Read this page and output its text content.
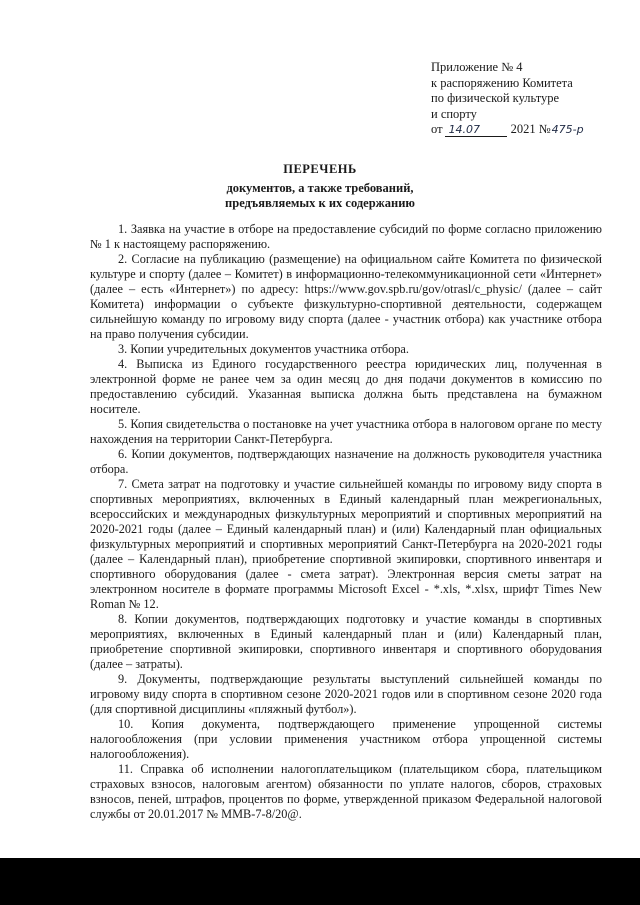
Приложение № 4
к распоряжению Комитета
по физической культуре
и спорту
от 14.07 2021 №475-р
ПЕРЕЧЕНЬ
документов, а также требований,
предъявляемых к их содержанию

1. Заявка на участие в отборе на предоставление субсидий по форме согласно приложению № 1 к настоящему распоряжению.

2. Согласие на публикацию (размещение) на официальном сайте Комитета по физической культуре и спорту (далее – Комитет) в информационно-телекоммуникационной сети «Интернет» (далее – есть «Интернет») по адресу: https://www.gov.spb.ru/gov/otrasl/c_physic/ (далее – сайт Комитета) информации о субъекте физкультурно-спортивной деятельности, содержащем сильнейшую команду по игровому виду спорта (далее - участник отбора) как участнике отбора на право получения субсидии.

3. Копии учредительных документов участника отбора.

4. Выписка из Единого государственного реестра юридических лиц, полученная в электронной форме не ранее чем за один месяц до дня подачи документов в комиссию по предоставлению субсидий. Указанная выписка должна быть представлена на бумажном носителе.

5. Копия свидетельства о постановке на учет участника отбора в налоговом органе по месту нахождения на территории Санкт-Петербурга.

6. Копии документов, подтверждающих назначение на должность руководителя участника отбора.

7. Смета затрат на подготовку и участие сильнейшей команды по игровому виду спорта в спортивных мероприятиях, включенных в Единый календарный план межрегиональных, всероссийских и международных физкультурных мероприятий и спортивных мероприятий на 2020-2021 годы (далее – Единый календарный план) и (или) Календарный план официальных физкультурных мероприятий и спортивных мероприятий Санкт-Петербурга на 2020-2021 годы (далее – Календарный план), приобретение спортивной экипировки, спортивного инвентаря и спортивного оборудования (далее - смета затрат). Электронная версия сметы затрат на электронном носителе в формате программы Microsoft Excel - *.xls, *.xlsx, шрифт Times New Roman № 12.

8. Копии документов, подтверждающих подготовку и участие команды в спортивных мероприятиях, включенных в Единый календарный план и (или) Календарный план, приобретение спортивной экипировки, спортивного инвентаря и спортивного оборудования (далее – затраты).

9. Документы, подтверждающие результаты выступлений сильнейшей команды по игровому виду спорта в спортивном сезоне 2020-2021 годов или в спортивном сезоне 2020 года (для спортивной дисциплины «пляжный футбол»).

10. Копия документа, подтверждающего применение упрощенной системы налогообложения (при условии применения участником отбора упрощенной системы налогообложения).

11. Справка об исполнении налогоплательщиком (плательщиком сбора, плательщиком страховых взносов, налоговым агентом) обязанности по уплате налогов, сборов, страховых взносов, пеней, штрафов, процентов по форме, утвержденной приказом Федеральной налоговой службы от 20.01.2017 № ММВ-7-8/20@.
